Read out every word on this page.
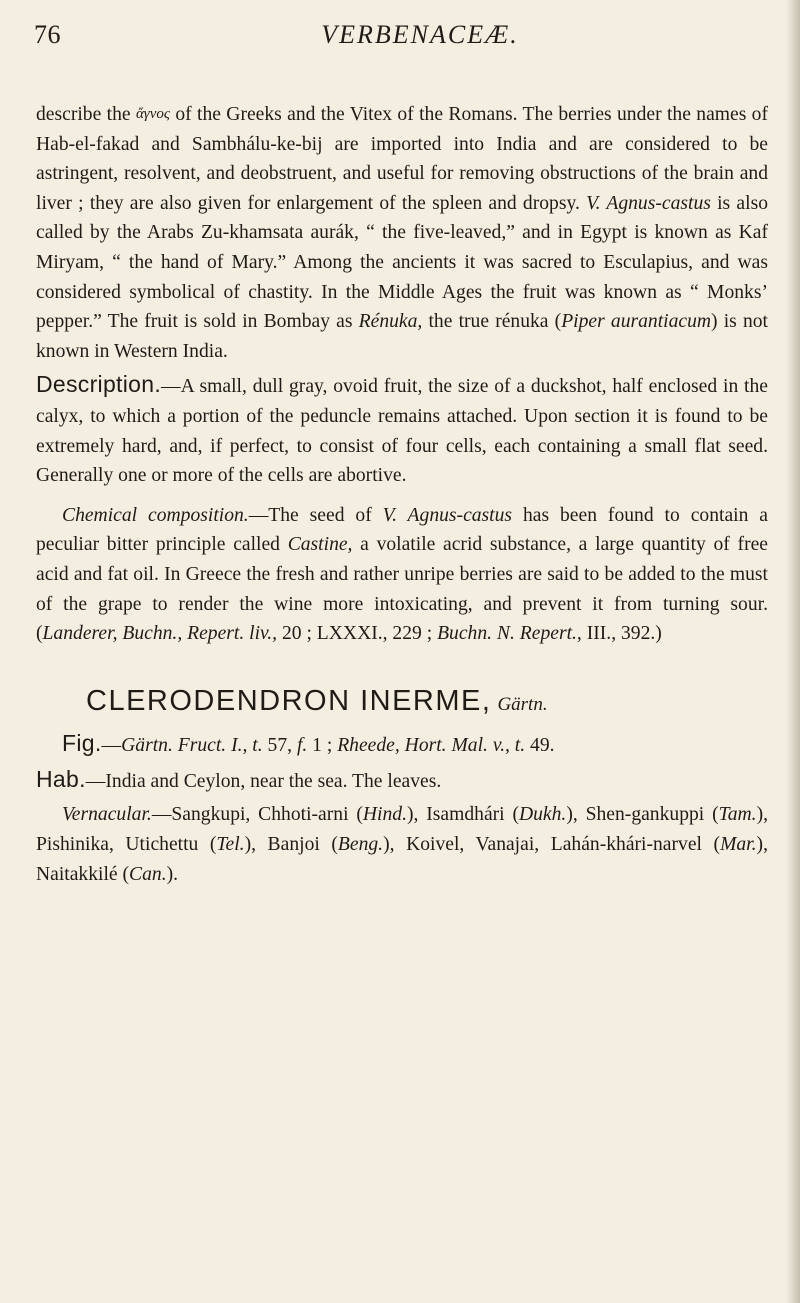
76	VERBENACEÆ.

describe the ἄγνος of the Greeks and the Vitex of the Romans. The berries under the names of Hab-el-fakad and Sambhálu-ke-bij are imported into India and are considered to be astringent, resolvent, and deobstruent, and useful for removing obstructions of the brain and liver ; they are also given for enlargement of the spleen and dropsy. V. Agnus-castus is also called by the Arabs Zu-khamsata aurák, “ the five-leaved,” and in Egypt is known as Kaf Miryam, “ the hand of Mary.” Among the ancients it was sacred to Esculapius, and was considered symbolical of chastity. In the Middle Ages the fruit was known as “ Monks’ pepper.” The fruit is sold in Bombay as Rénuka, the true rénuka (Piper aurantiacum) is not known in Western India.

Description.—A small, dull gray, ovoid fruit, the size of a duckshot, half enclosed in the calyx, to which a portion of the peduncle remains attached. Upon section it is found to be extremely hard, and, if perfect, to consist of four cells, each containing a small flat seed. Generally one or more of the cells are abortive.

Chemical composition.—The seed of V. Agnus-castus has been found to contain a peculiar bitter principle called Castine, a volatile acrid substance, a large quantity of free acid and fat oil. In Greece the fresh and rather unripe berries are said to be added to the must of the grape to render the wine more intoxicating, and prevent it from turning sour. (Landerer, Buchn., Repert. liv., 20 ; LXXXI., 229 ; Buchn. N. Repert., III., 392.)

CLERODENDRON INERME, Gärtn.

Fig.—Gärtn. Fruct. I., t. 57, f. 1 ; Rheede, Hort. Mal. v., t. 49.

Hab.—India and Ceylon, near the sea. The leaves.

Vernacular.—Sangkupi, Chhoti-arni (Hind.), Isamdhári (Dukh.), Shen-gankuppi (Tam.), Pishinika, Utichettu (Tel.), Banjoi (Beng.), Koivel, Vanajai, Lahán-khári-narvel (Mar.), Naitakkilé (Can.).
